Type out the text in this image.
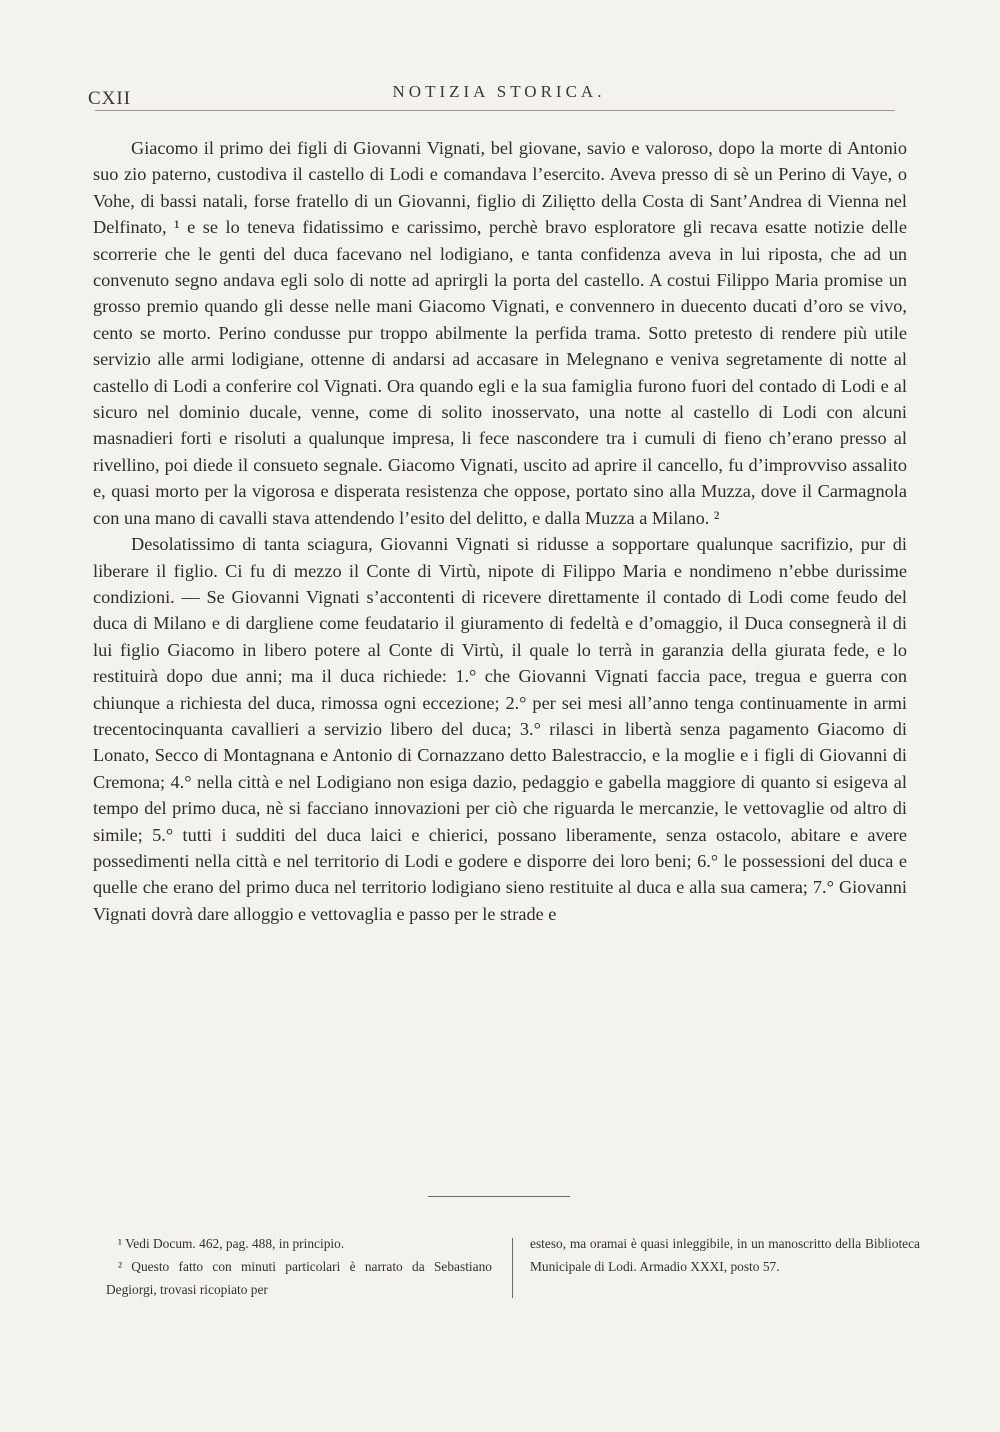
CXII	NOTIZIA STORICA.

Giacomo il primo dei figli di Giovanni Vignati, bel giovane, savio e valoroso, dopo la morte di Antonio suo zio paterno, custodiva il castello di Lodi e comandava l’esercito. Aveva presso di sè un Perino di Vaye, o Vohe, di bassi natali, forse fratello di un Giovanni, figlio di Ziliętto della Costa di Sant’Andrea di Vienna nel Delfinato, ¹ e se lo teneva fidatissimo e carissimo, perchè bravo esploratore gli recava esatte notizie delle scorrerie che le genti del duca facevano nel lodigiano, e tanta confidenza aveva in lui riposta, che ad un convenuto segno andava egli solo di notte ad aprirgli la porta del castello. A costui Filippo Maria promise un grosso premio quando gli desse nelle mani Giacomo Vignati, e convennero in duecento ducati d’oro se vivo, cento se morto. Perino condusse pur troppo abilmente la perfida trama. Sotto pretesto di rendere più utile servizio alle armi lodigiane, ottenne di andarsi ad accasare in Melegnano e veniva segretamente di notte al castello di Lodi a conferire col Vignati. Ora quando egli e la sua famiglia furono fuori del contado di Lodi e al sicuro nel dominio ducale, venne, come di solito inosservato, una notte al castello di Lodi con alcuni masnadieri forti e risoluti a qualunque impresa, li fece nascondere tra i cumuli di fieno ch’erano presso al rivellino, poi diede il consueto segnale. Giacomo Vignati, uscito ad aprire il cancello, fu d’improvviso assalito e, quasi morto per la vigorosa e disperata resistenza che oppose, portato sino alla Muzza, dove il Carmagnola con una mano di cavalli stava attendendo l’esito del delitto, e dalla Muzza a Milano. ²

Desolatissimo di tanta sciagura, Giovanni Vignati si ridusse a sopportare qualunque sacrifizio, pur di liberare il figlio. Ci fu di mezzo il Conte di Virtù, nipote di Filippo Maria e nondimeno n’ebbe durissime condizioni. — Se Giovanni Vignati s’accontenti di ricevere direttamente il contado di Lodi come feudo del duca di Milano e di dargliene come feudatario il giuramento di fedeltà e d’omaggio, il Duca consegnerà il di lui figlio Giacomo in libero potere al Conte di Virtù, il quale lo terrà in garanzia della giurata fede, e lo restituirà dopo due anni; ma il duca richiede: 1.° che Giovanni Vignati faccia pace, tregua e guerra con chiunque a richiesta del duca, rimossa ogni eccezione; 2.° per sei mesi all’anno tenga continuamente in armi trecentocinquanta cavallieri a servizio libero del duca; 3.° rilasci in libertà senza pagamento Giacomo di Lonato, Secco di Montagnana e Antonio di Cornazzano detto Balestraccio, e la moglie e i figli di Giovanni di Cremona; 4.° nella città e nel Lodigiano non esiga dazio, pedaggio e gabella maggiore di quanto si esigeva al tempo del primo duca, nè si facciano innovazioni per ciò che riguarda le mercanzie, le vettovaglie od altro di simile; 5.° tutti i sudditi del duca laici e chierici, possano liberamente, senza ostacolo, abitare e avere possedimenti nella città e nel territorio di Lodi e godere e disporre dei loro beni; 6.° le possessioni del duca e quelle che erano del primo duca nel territorio lodigiano sieno restituite al duca e alla sua camera; 7.° Giovanni Vignati dovrà dare alloggio e vettovaglia e passo per le strade e

¹ Vedi Docum. 462, pag. 488, in principio.

² Questo fatto con minuti particolari è narrato da Sebastiano Degiorgi, trovasi ricopiato per

esteso, ma oramai è quasi inleggibile, in un manoscritto della Biblioteca Municipale di Lodi. Armadio XXXI, posto 57.
